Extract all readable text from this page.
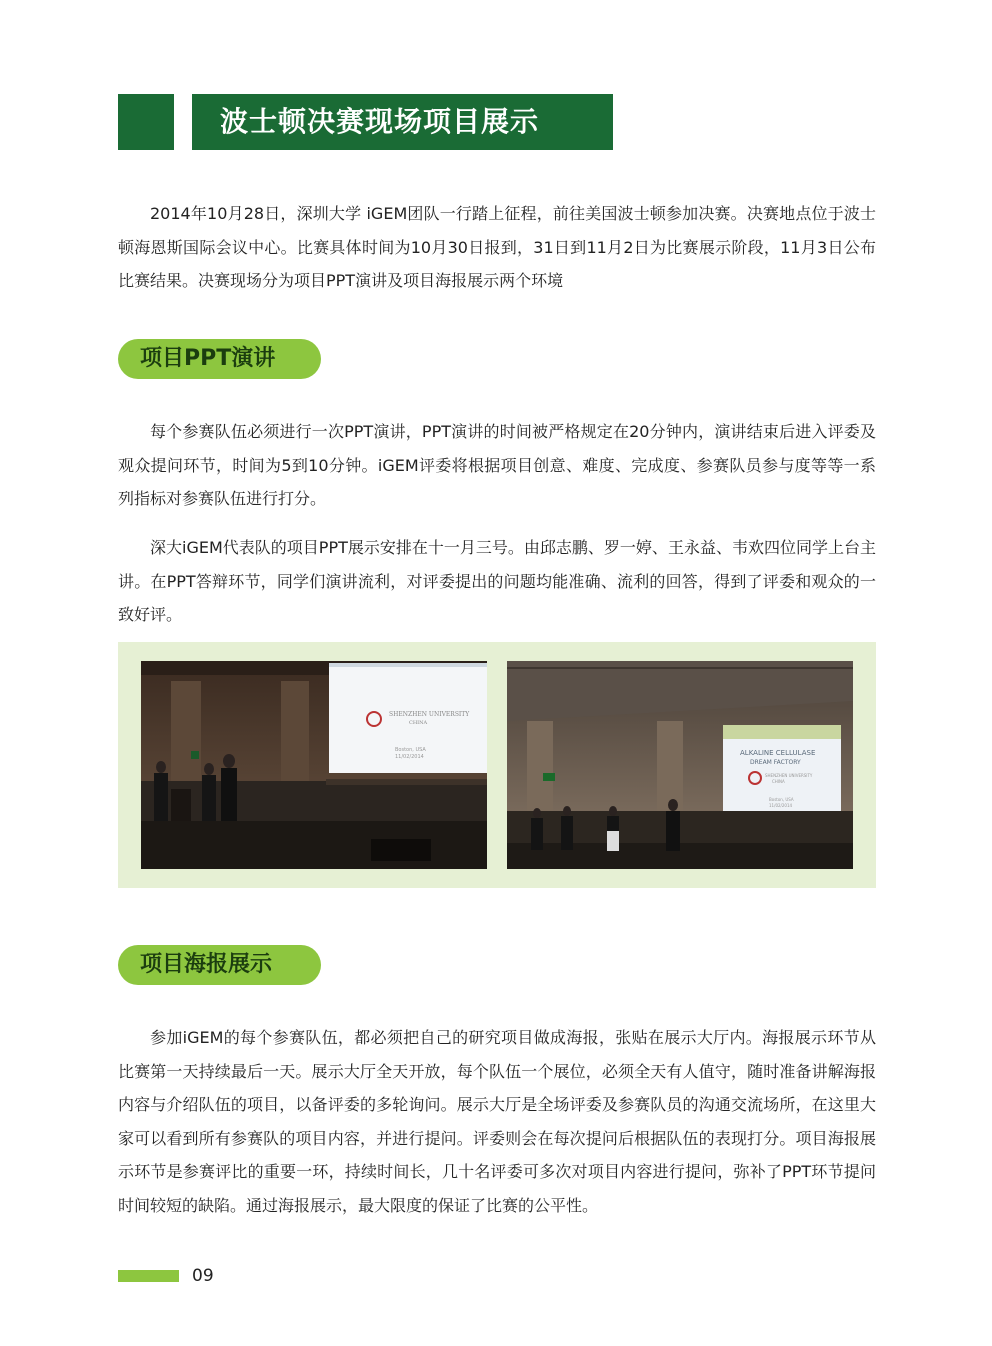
波士顿决赛现场项目展示

2014年10月28日，深圳大学 iGEM团队一行踏上征程，前往美国波士顿参加决赛。决赛地点位于波士顿海恩斯国际会议中心。比赛具体时间为10月30日报到，31日到11月2日为比赛展示阶段，11月3日公布比赛结果。决赛现场分为项目PPT演讲及项目海报展示两个环境

项目PPT演讲

每个参赛队伍必须进行一次PPT演讲，PPT演讲的时间被严格规定在20分钟内，演讲结束后进入评委及观众提问环节，时间为5到10分钟。iGEM评委将根据项目创意、难度、完成度、参赛队员参与度等等一系列指标对参赛队伍进行打分。

深大iGEM代表队的项目PPT展示安排在十一月三号。由邱志鹏、罗一婷、王永益、韦欢四位同学上台主讲。在PPT答辩环节，同学们演讲流利，对评委提出的问题均能准确、流利的回答，得到了评委和观众的一致好评。

SHENZHEN UNIVERSITY
CHINA
Boston, USA
11/02/2014	ALKALINE CELLULASE
DREAM FACTORY
SHENZHEN UNIVERSITY
CHINA
Boston, USA
11/02/2014
项目海报展示

参加iGEM的每个参赛队伍，都必须把自己的研究项目做成海报，张贴在展示大厅内。海报展示环节从比赛第一天持续最后一天。展示大厅全天开放，每个队伍一个展位，必须全天有人值守，随时准备讲解海报内容与介绍队伍的项目，以备评委的多轮询问。展示大厅是全场评委及参赛队员的沟通交流场所，在这里大家可以看到所有参赛队的项目内容，并进行提问。评委则会在每次提问后根据队伍的表现打分。项目海报展示环节是参赛评比的重要一环，持续时间长，几十名评委可多次对项目内容进行提问，弥补了PPT环节提问时间较短的缺陷。通过海报展示，最大限度的保证了比赛的公平性。

09
